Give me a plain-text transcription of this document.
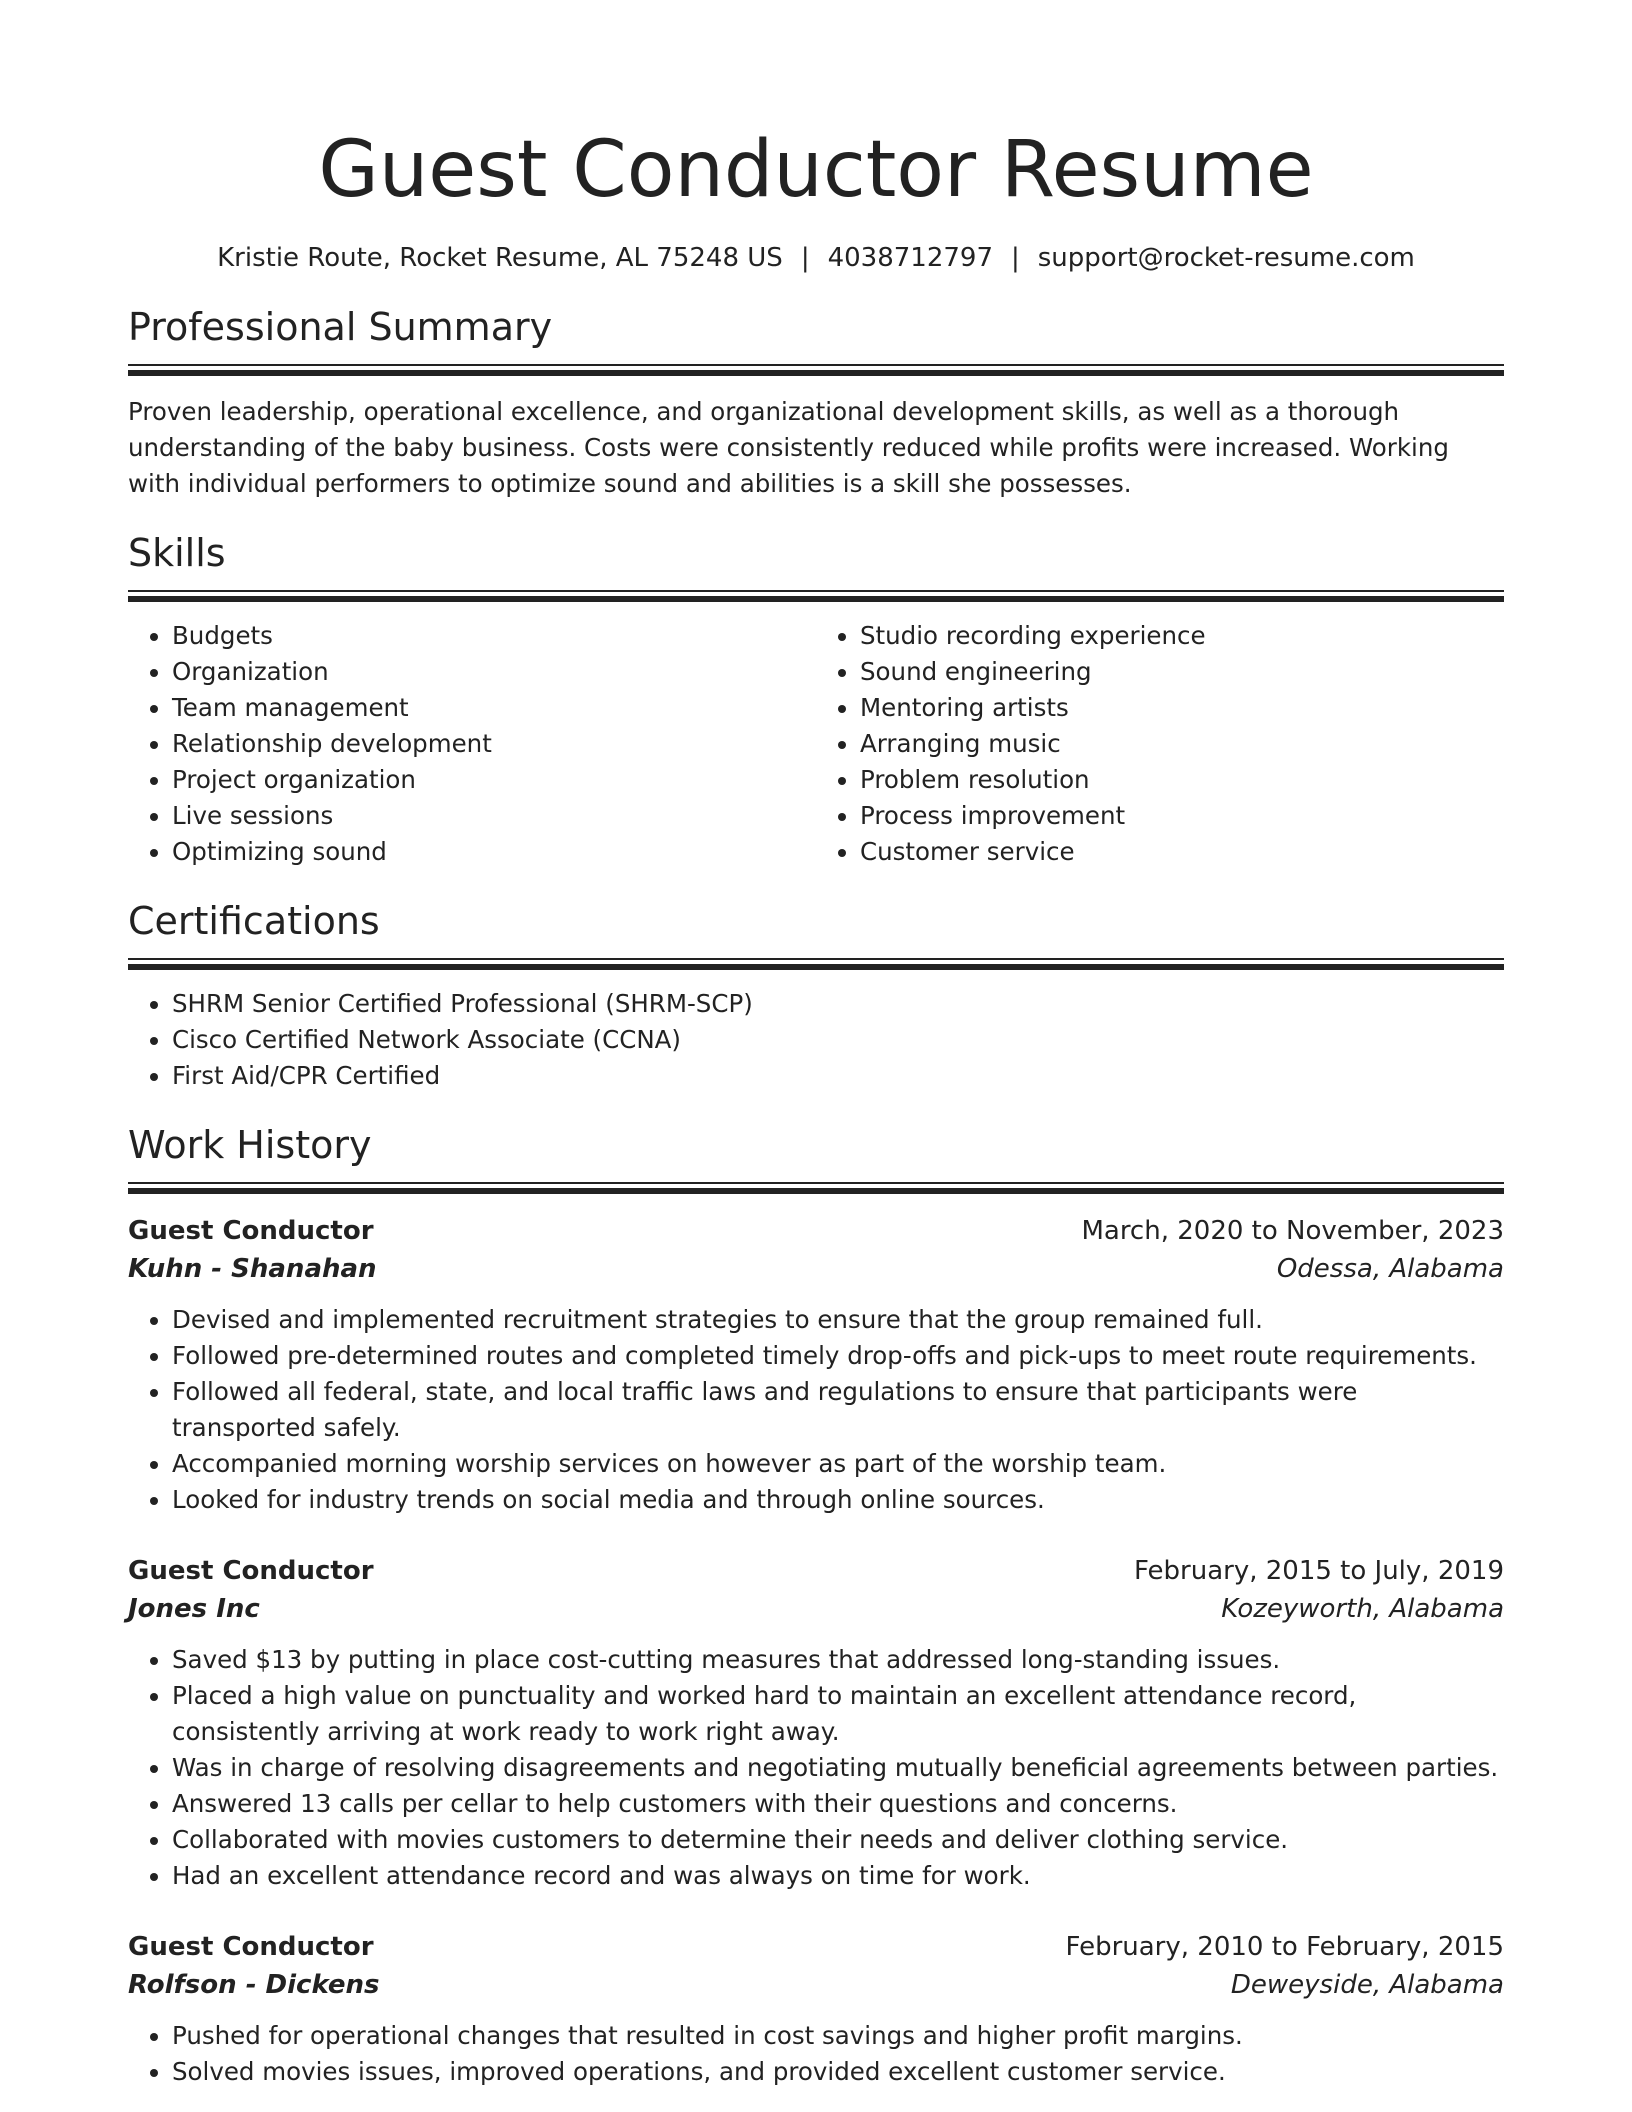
Guest Conductor Resume
Kristie Route, Rocket Resume, AL 75248 US | 4038712797 | support@rocket-resume.com
Professional Summary

Proven leadership, operational excellence, and organizational development skills, as well as a thorough understanding of the baby business. Costs were consistently reduced while profits were increased. Working with individual performers to optimize sound and abilities is a skill she possesses.

Skills
• Budgets
• Organization
• Team management
• Relationship development
• Project organization
• Live sessions
• Optimizing sound
• Studio recording experience
• Sound engineering
• Mentoring artists
• Arranging music
• Problem resolution
• Process improvement
• Customer service
Certifications
• SHRM Senior Certified Professional (SHRM-SCP)
• Cisco Certified Network Associate (CCNA)
• First Aid/CPR Certified
Work History
Guest Conductor	March, 2020 to November, 2023
Kuhn - Shanahan	Odessa, Alabama
• Devised and implemented recruitment strategies to ensure that the group remained full.
• Followed pre-determined routes and completed timely drop-offs and pick-ups to meet route requirements.
• Followed all federal, state, and local traffic laws and regulations to ensure that participants were transported safely.
• Accompanied morning worship services on however as part of the worship team.
• Looked for industry trends on social media and through online sources.
Guest Conductor	February, 2015 to July, 2019
Jones Inc	Kozeyworth, Alabama
• Saved $13 by putting in place cost-cutting measures that addressed long-standing issues.
• Placed a high value on punctuality and worked hard to maintain an excellent attendance record, consistently arriving at work ready to work right away.
• Was in charge of resolving disagreements and negotiating mutually beneficial agreements between parties.
• Answered 13 calls per cellar to help customers with their questions and concerns.
• Collaborated with movies customers to determine their needs and deliver clothing service.
• Had an excellent attendance record and was always on time for work.
Guest Conductor	February, 2010 to February, 2015
Rolfson - Dickens	Deweyside, Alabama
• Pushed for operational changes that resulted in cost savings and higher profit margins.
• Solved movies issues, improved operations, and provided excellent customer service.
